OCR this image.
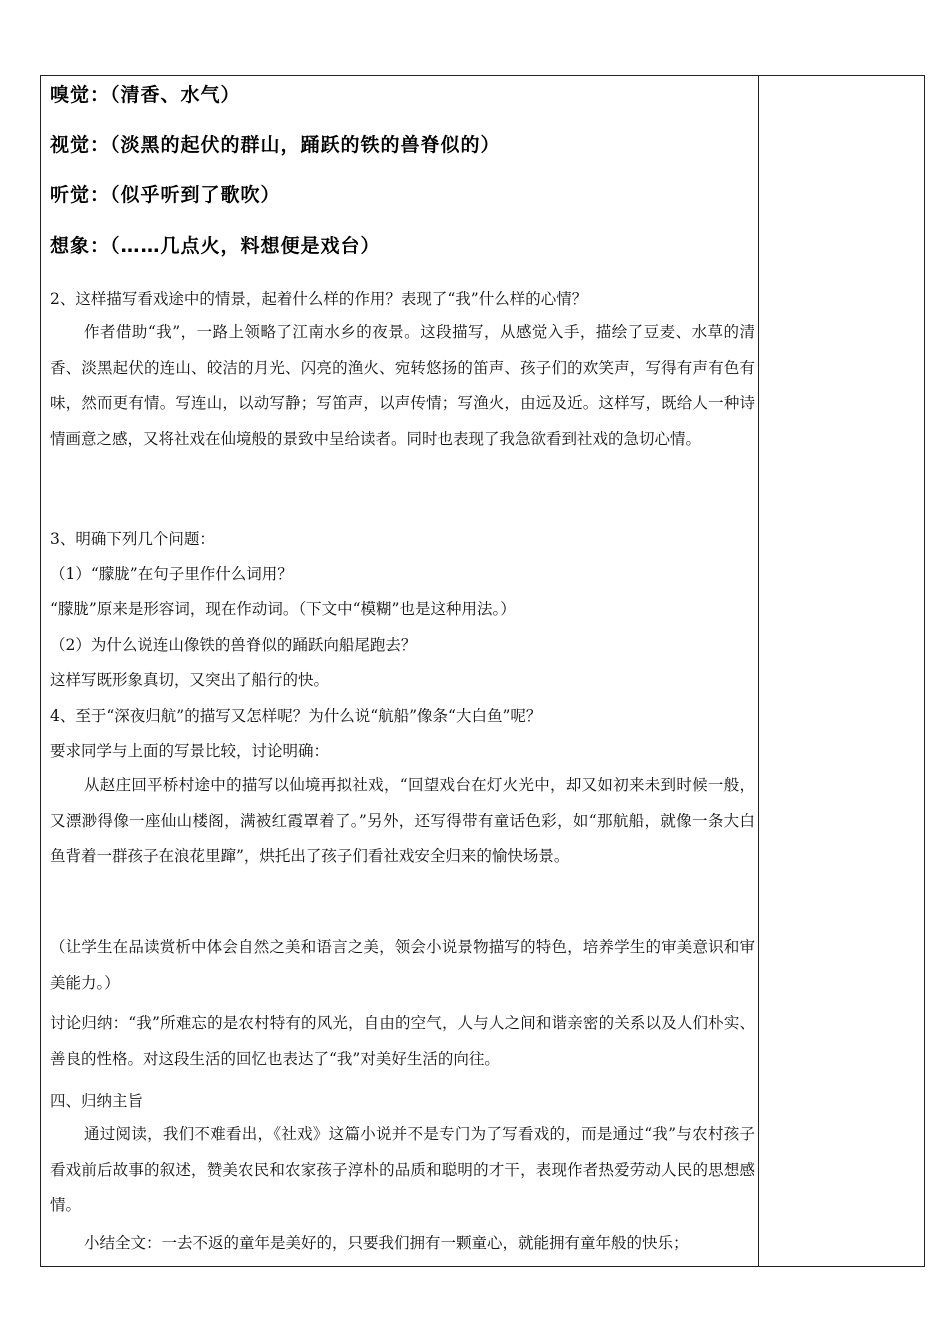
嗅觉：（清香、水气）
视觉：（淡黑的起伏的群山，踊跃的铁的兽脊似的）
听觉：（似乎听到了歌吹）
想象：（……几点火，料想便是戏台）
2、这样描写看戏途中的情景，起着什么样的作用？表现了“我”什么样的心情？
作者借助“我”，一路上领略了江南水乡的夜景。这段描写，从感觉入手，描绘了豆麦、水草的清香、淡黑起伏的连山、皎洁的月光、闪亮的渔火、宛转悠扬的笛声、孩子们的欢笑声，写得有声有色有味，然而更有情。写连山，以动写静；写笛声，以声传情；写渔火，由远及近。这样写，既给人一种诗情画意之感，又将社戏在仙境般的景致中呈给读者。同时也表现了我急欲看到社戏的急切心情。
3、明确下列几个问题：
（1）“朦胧”在句子里作什么词用？
“朦胧”原来是形容词，现在作动词。（下文中“模糊”也是这种用法。）
（2）为什么说连山像铁的兽脊似的踊跃向船尾跑去？
这样写既形象真切，又突出了船行的快。
4、至于“深夜归航”的描写又怎样呢？为什么说“航船”像条“大白鱼”呢？
要求同学与上面的写景比较，讨论明确：
从赵庄回平桥村途中的描写以仙境再拟社戏，“回望戏台在灯火光中，却又如初来未到时候一般，又漂渺得像一座仙山楼阁，满被红霞罩着了。”另外，还写得带有童话色彩，如“那航船，就像一条大白鱼背着一群孩子在浪花里蹿”，烘托出了孩子们看社戏安全归来的愉快场景。
（让学生在品读赏析中体会自然之美和语言之美，领会小说景物描写的特色，培养学生的审美意识和审美能力。）
讨论归纳：“我”所难忘的是农村特有的风光，自由的空气，人与人之间和谐亲密的关系以及人们朴实、善良的性格。对这段生活的回忆也表达了“我”对美好生活的向往。
四、归纳主旨
通过阅读，我们不难看出，《社戏》这篇小说并不是专门为了写看戏的，而是通过“我”与农村孩子看戏前后故事的叙述，赞美农民和农家孩子淳朴的品质和聪明的才干，表现作者热爱劳动人民的思想感情。
小结全文：一去不返的童年是美好的，只要我们拥有一颗童心，就能拥有童年般的快乐；
